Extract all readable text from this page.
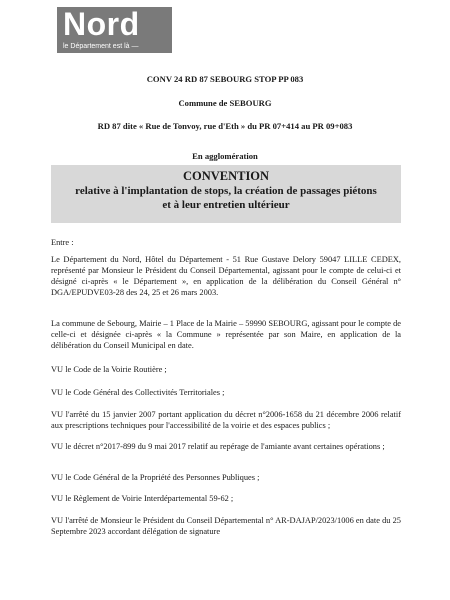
Nord
le Département est là —
CONV 24 RD 87 SEBOURG STOP PP 083
Commune de SEBOURG
RD 87 dite « Rue de Tonvoy, rue d'Eth » du PR 07+414 au PR 09+083
En agglomération
CONVENTION
relative à l'implantation de stops, la création de passages piétons
et à leur entretien ultérieur
Entre :
Le Département du Nord, Hôtel du Département - 51 Rue Gustave Delory 59047 LILLE CEDEX, représenté par Monsieur le Président du Conseil Départemental, agissant pour le compte de celui-ci et désigné ci-après « le Département », en application de la délibération du Conseil Général n° DGA/EPUDVE03-28 des 24, 25 et 26 mars 2003.
La commune de Sebourg, Mairie – 1 Place de la Mairie – 59990 SEBOURG, agissant pour le compte de celle-ci et désignée ci-après « la Commune » représentée par son Maire, en application de la délibération du Conseil Municipal en date.
VU le Code de la Voirie Routière ;
VU le Code Général des Collectivités Territoriales ;
VU l'arrêté du 15 janvier 2007 portant application du décret n°2006-1658 du 21 décembre 2006 relatif aux prescriptions techniques pour l'accessibilité de la voirie et des espaces publics ;
VU le décret n°2017-899 du 9 mai 2017 relatif au repérage de l'amiante avant certaines opérations ;
VU le Code Général de la Propriété des Personnes Publiques ;
VU le Règlement de Voirie Interdépartemental 59-62 ;
VU l'arrêté de Monsieur le Président du Conseil Départemental n° AR-DAJAP/2023/1006 en date du 25 Septembre 2023 accordant délégation de signature
